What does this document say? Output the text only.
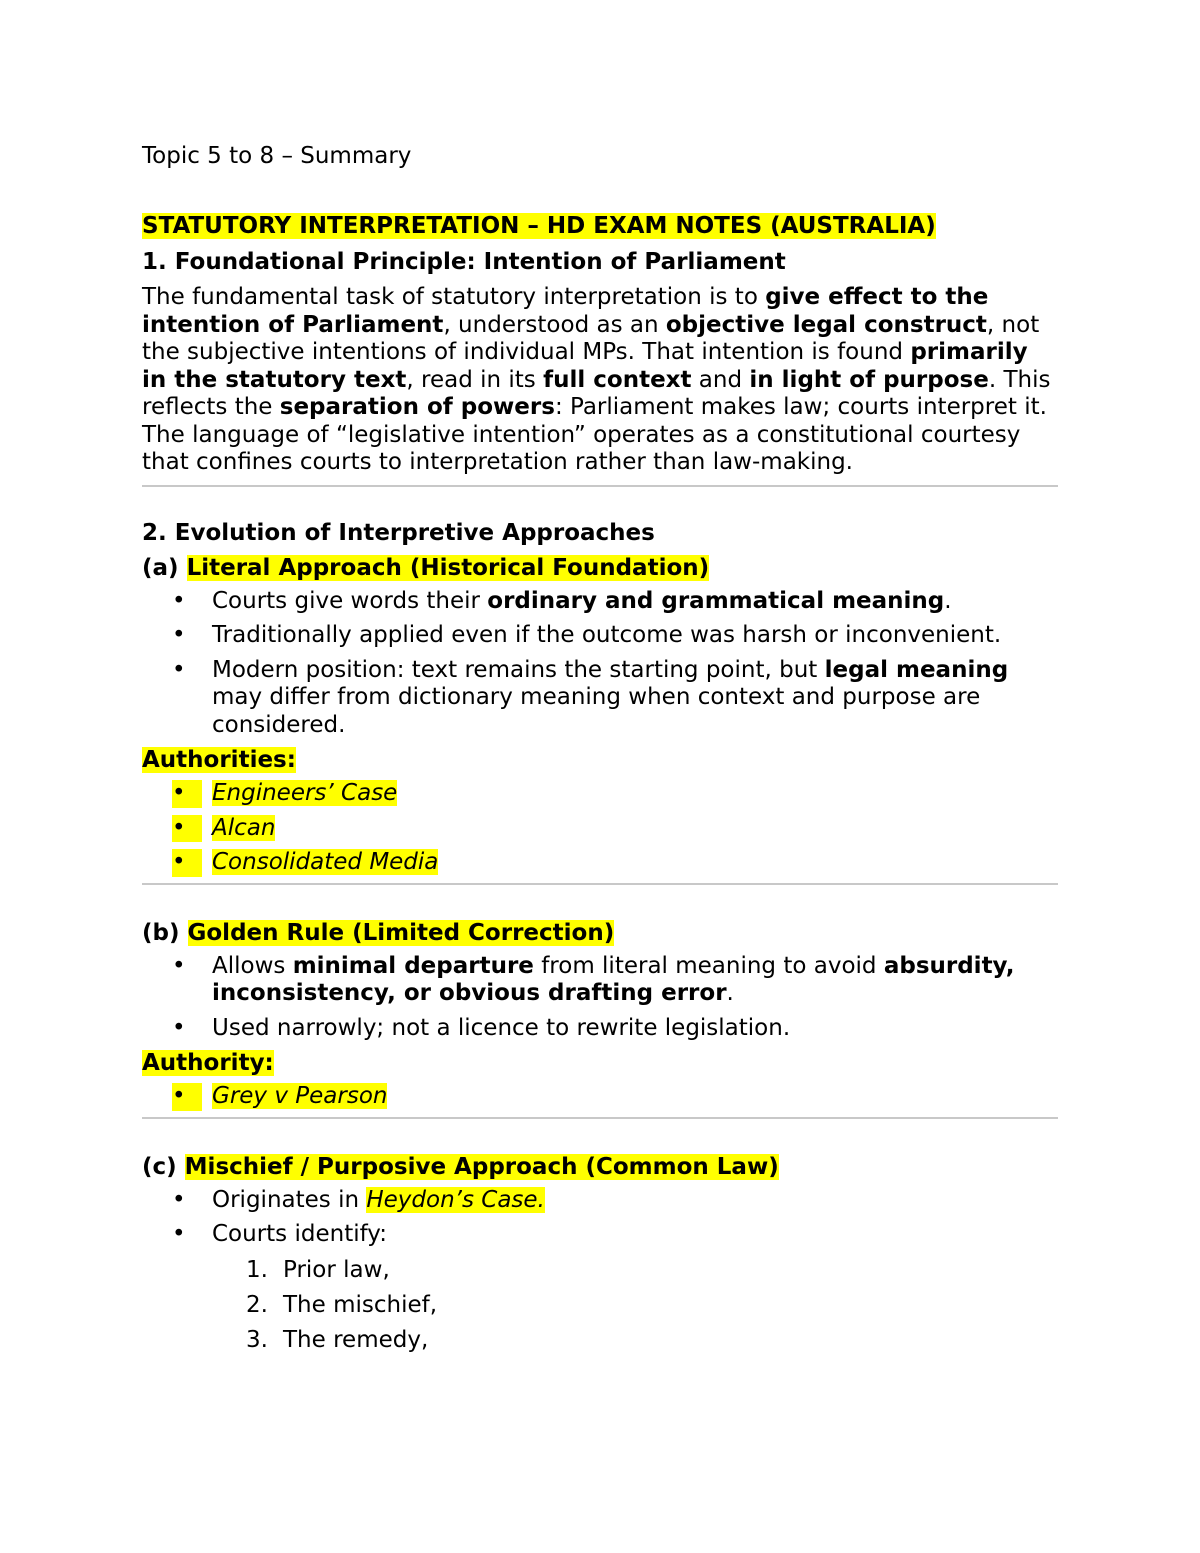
Topic 5 to 8 – Summary

STATUTORY INTERPRETATION – HD EXAM NOTES (AUSTRALIA)

1. Foundational Principle: Intention of Parliament

The fundamental task of statutory interpretation is to give effect to the intention of Parliament, understood as an objective legal construct, not the subjective intentions of individual MPs. That intention is found primarily in the statutory text, read in its full context and in light of purpose. This reflects the separation of powers: Parliament makes law; courts interpret it. The language of “legislative intention” operates as a constitutional courtesy that confines courts to interpretation rather than law-making.

2. Evolution of Interpretive Approaches

(a) Literal Approach (Historical Foundation)

• Courts give words their ordinary and grammatical meaning.
• Traditionally applied even if the outcome was harsh or inconvenient.
• Modern position: text remains the starting point, but legal meaning may differ from dictionary meaning when context and purpose are considered.

Authorities:

•	Engineers’ Case
•	Alcan
•	Consolidated Media

(b) Golden Rule (Limited Correction)

• Allows minimal departure from literal meaning to avoid absurdity, inconsistency, or obvious drafting error.
• Used narrowly; not a licence to rewrite legislation.

Authority:

•	Grey v Pearson

(c) Mischief / Purposive Approach (Common Law)

• Originates in Heydon’s Case.
• Courts identify:
1. Prior law,
2. The mischief,
3. The remedy,
